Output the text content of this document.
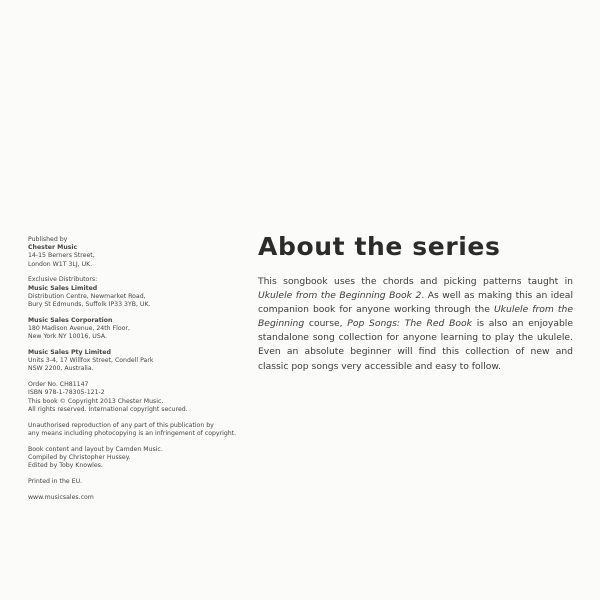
Published by
Chester Music
14-15 Berners Street,
London W1T 3LJ, UK.
Exclusive Distributors:
Music Sales Limited
Distribution Centre, Newmarket Road,
Bury St Edmunds, Suffolk IP33 3YB, UK.
Music Sales Corporation
180 Madison Avenue, 24th Floor,
New York NY 10016, USA.
Music Sales Pty Limited
Units 3-4, 17 Willfox Street, Condell Park
NSW 2200, Australia.
Order No. CH81147
ISBN 978-1-78305-121-2
This book © Copyright 2013 Chester Music.
All rights reserved. International copyright secured.
Unauthorised reproduction of any part of this publication by
any means including photocopying is an infringement of copyright.
Book content and layout by Camden Music.
Compiled by Christopher Hussey.
Edited by Toby Knowles.
Printed in the EU.
www.musicsales.com
About the series
This songbook uses the chords and picking patterns taught in
Ukulele from the Beginning Book 2. As well as making this an ideal
companion book for anyone working through the Ukulele from the
Beginning course, Pop Songs: The Red Book is also an enjoyable
standalone song collection for anyone learning to play the ukulele.
Even an absolute beginner will find this collection of new and
classic pop songs very accessible and easy to follow.
